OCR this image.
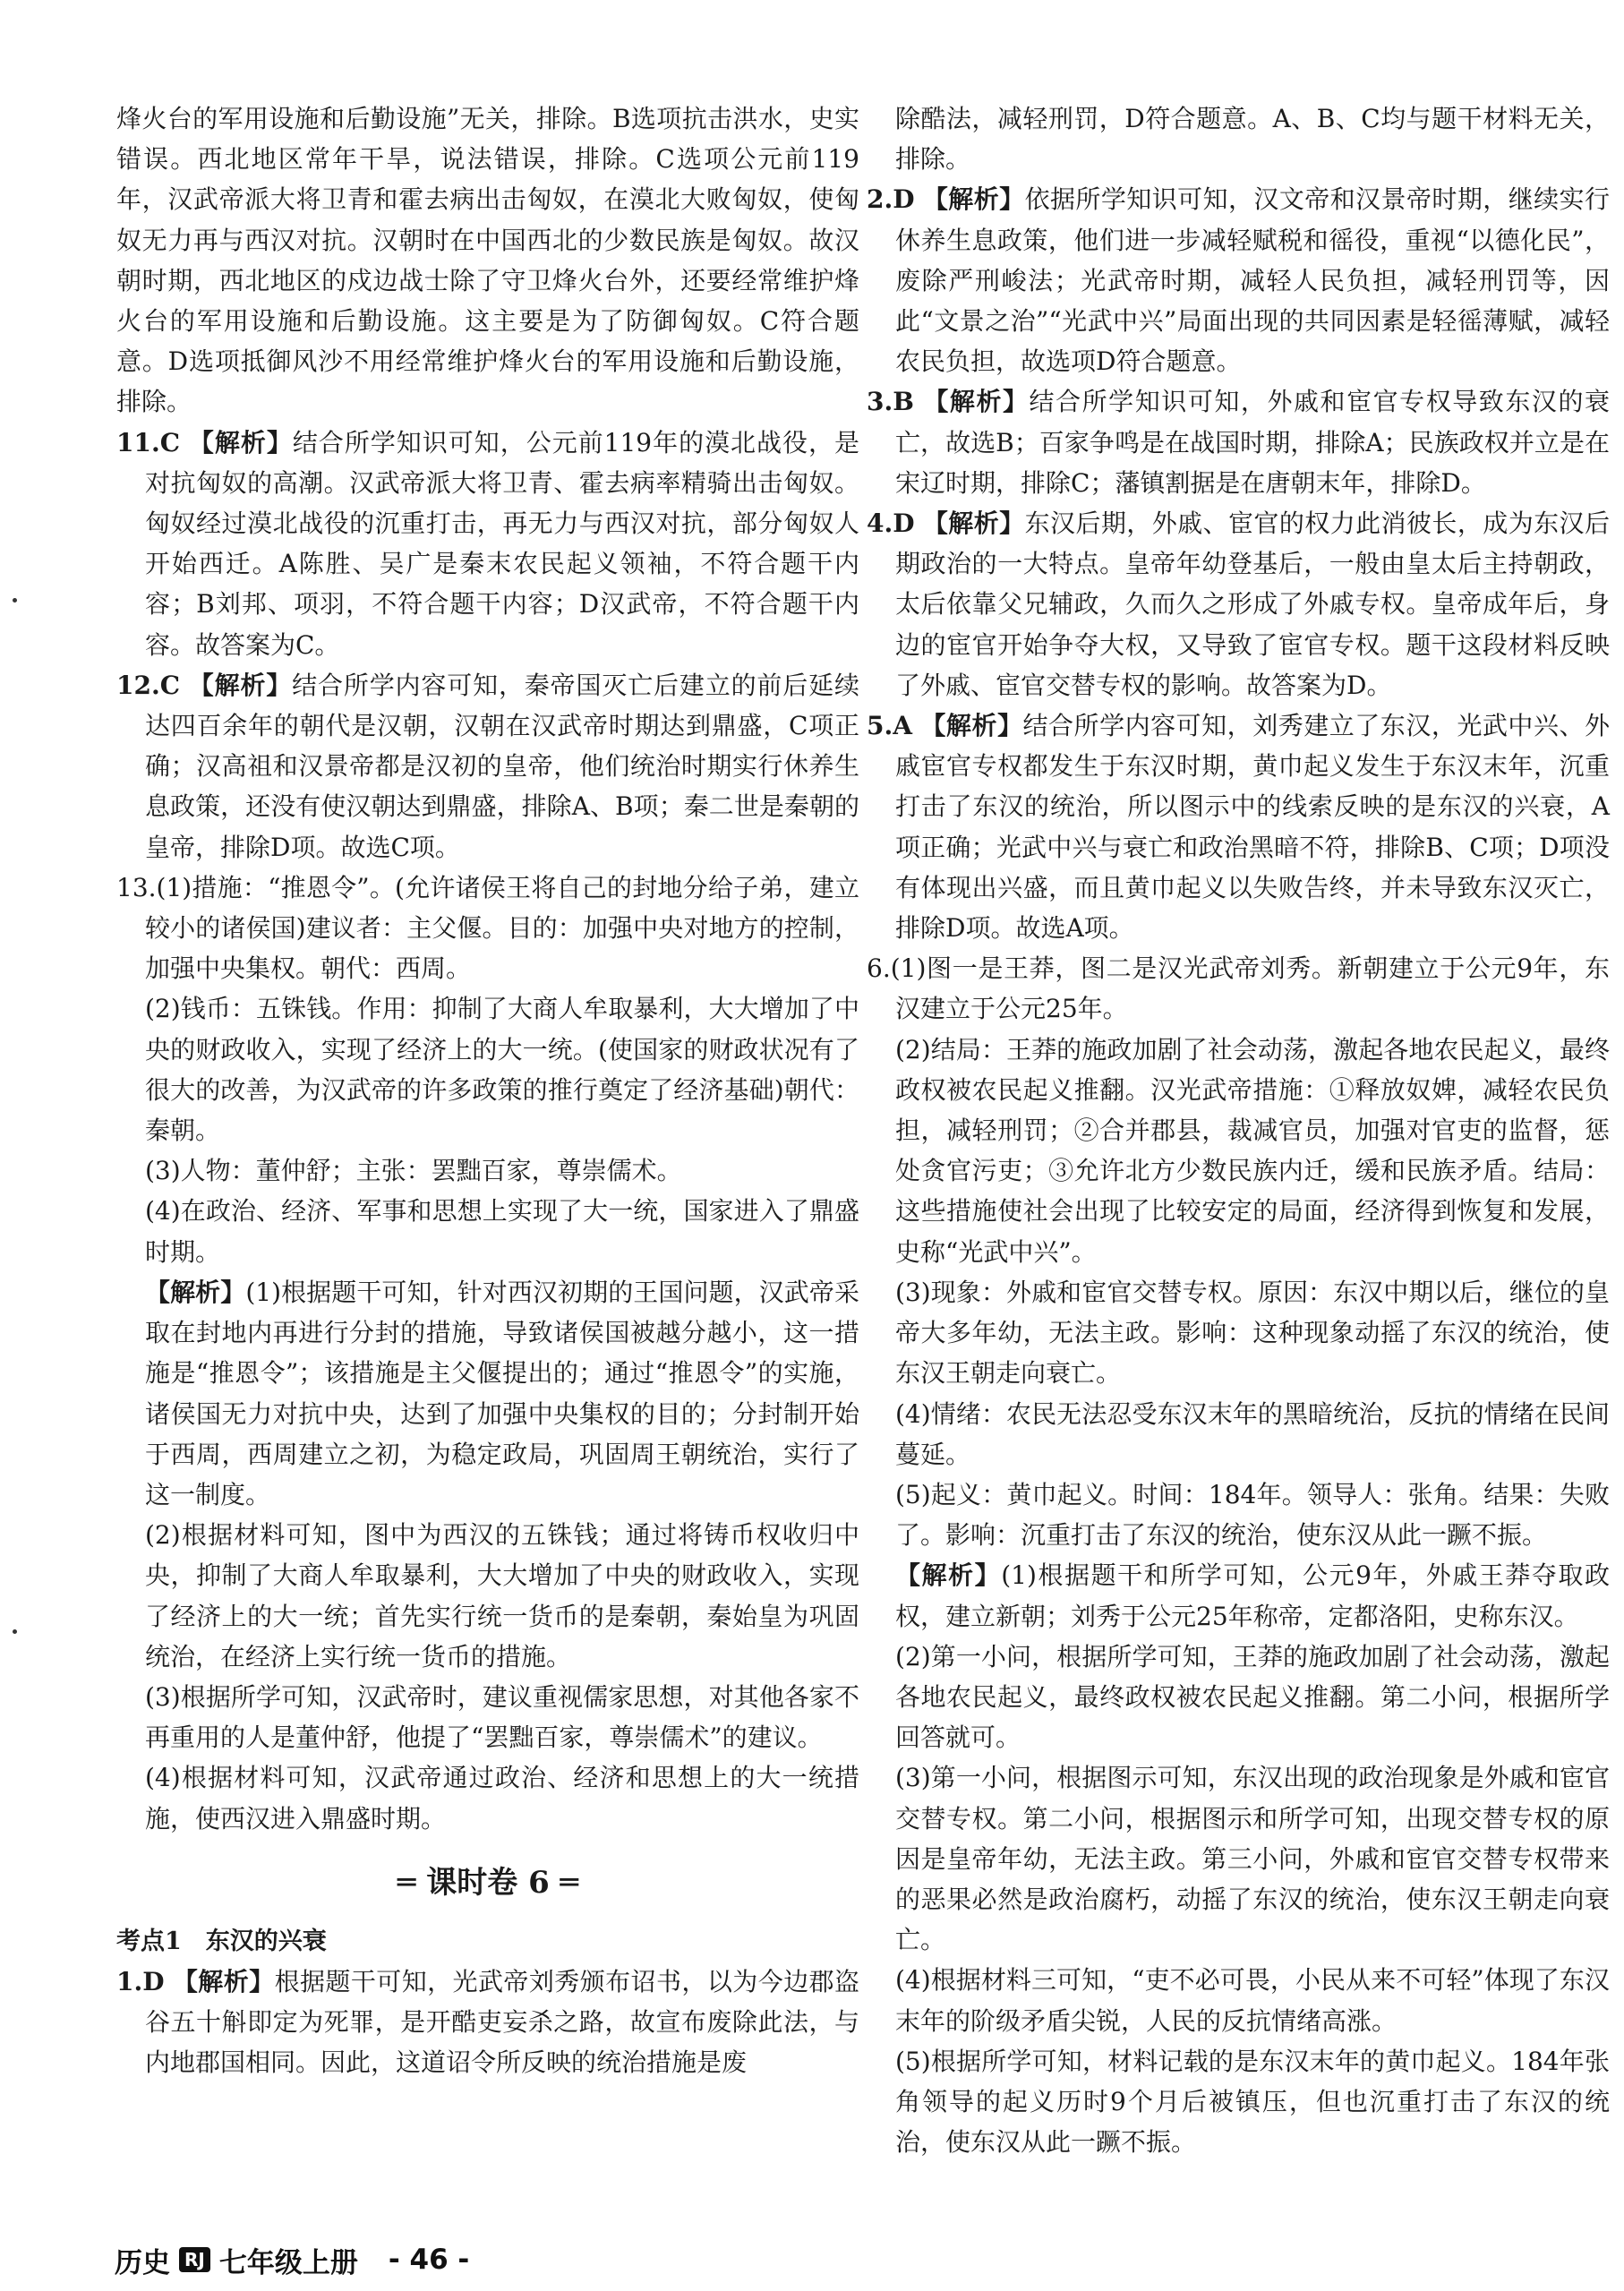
烽火台的军用设施和后勤设施”无关，排除。B选项抗击洪水，史实错误。西北地区常年干旱，说法错误，排除。C选项公元前119年，汉武帝派大将卫青和霍去病出击匈奴，在漠北大败匈奴，使匈奴无力再与西汉对抗。汉朝时在中国西北的少数民族是匈奴。故汉朝时期，西北地区的戍边战士除了守卫烽火台外，还要经常维护烽火台的军用设施和后勤设施。这主要是为了防御匈奴。C符合题意。D选项抵御风沙不用经常维护烽火台的军用设施和后勤设施，排除。

11.C 【解析】结合所学知识可知，公元前119年的漠北战役，是对抗匈奴的高潮。汉武帝派大将卫青、霍去病率精骑出击匈奴。匈奴经过漠北战役的沉重打击，再无力与西汉对抗，部分匈奴人开始西迁。A陈胜、吴广是秦末农民起义领袖，不符合题干内容；B刘邦、项羽，不符合题干内容；D汉武帝，不符合题干内容。故答案为C。

12.C 【解析】结合所学内容可知，秦帝国灭亡后建立的前后延续达四百余年的朝代是汉朝，汉朝在汉武帝时期达到鼎盛，C项正确；汉高祖和汉景帝都是汉初的皇帝，他们统治时期实行休养生息政策，还没有使汉朝达到鼎盛，排除A、B项；秦二世是秦朝的皇帝，排除D项。故选C项。

13.(1)措施：“推恩令”。(允许诸侯王将自己的封地分给子弟，建立较小的诸侯国)建议者：主父偃。目的：加强中央对地方的控制，加强中央集权。朝代：西周。

(2)钱币：五铢钱。作用：抑制了大商人牟取暴利，大大增加了中央的财政收入，实现了经济上的大一统。(使国家的财政状况有了很大的改善，为汉武帝的许多政策的推行奠定了经济基础)朝代：秦朝。

(3)人物：董仲舒；主张：罢黜百家，尊崇儒术。

(4)在政治、经济、军事和思想上实现了大一统，国家进入了鼎盛时期。

【解析】(1)根据题干可知，针对西汉初期的王国问题，汉武帝采取在封地内再进行分封的措施，导致诸侯国被越分越小，这一措施是“推恩令”；该措施是主父偃提出的；通过“推恩令”的实施，诸侯国无力对抗中央，达到了加强中央集权的目的；分封制开始于西周，西周建立之初，为稳定政局，巩固周王朝统治，实行了这一制度。

(2)根据材料可知，图中为西汉的五铢钱；通过将铸币权收归中央，抑制了大商人牟取暴利，大大增加了中央的财政收入，实现了经济上的大一统；首先实行统一货币的是秦朝，秦始皇为巩固统治，在经济上实行统一货币的措施。

(3)根据所学可知，汉武帝时，建议重视儒家思想，对其他各家不再重用的人是董仲舒，他提了“罢黜百家，尊崇儒术”的建议。

(4)根据材料可知，汉武帝通过政治、经济和思想上的大一统措施，使西汉进入鼎盛时期。

═ 课时卷 6 ═

考点1　东汉的兴衰

1.D 【解析】根据题干可知，光武帝刘秀颁布诏书，以为今边郡盗谷五十斛即定为死罪，是开酷吏妄杀之路，故宣布废除此法，与内地郡国相同。因此，这道诏令所反映的统治措施是废

除酷法，减轻刑罚，D符合题意。A、B、C均与题干材料无关，排除。

2.D 【解析】依据所学知识可知，汉文帝和汉景帝时期，继续实行休养生息政策，他们进一步减轻赋税和徭役，重视“以德化民”，废除严刑峻法；光武帝时期，减轻人民负担，减轻刑罚等，因此“文景之治”“光武中兴”局面出现的共同因素是轻徭薄赋，减轻农民负担，故选项D符合题意。

3.B 【解析】结合所学知识可知，外戚和宦官专权导致东汉的衰亡，故选B；百家争鸣是在战国时期，排除A；民族政权并立是在宋辽时期，排除C；藩镇割据是在唐朝末年，排除D。

4.D 【解析】东汉后期，外戚、宦官的权力此消彼长，成为东汉后期政治的一大特点。皇帝年幼登基后，一般由皇太后主持朝政，太后依靠父兄辅政，久而久之形成了外戚专权。皇帝成年后，身边的宦官开始争夺大权，又导致了宦官专权。题干这段材料反映了外戚、宦官交替专权的影响。故答案为D。

5.A 【解析】结合所学内容可知，刘秀建立了东汉，光武中兴、外戚宦官专权都发生于东汉时期，黄巾起义发生于东汉末年，沉重打击了东汉的统治，所以图示中的线索反映的是东汉的兴衰，A项正确；光武中兴与衰亡和政治黑暗不符，排除B、C项；D项没有体现出兴盛，而且黄巾起义以失败告终，并未导致东汉灭亡，排除D项。故选A项。

6.(1)图一是王莽，图二是汉光武帝刘秀。新朝建立于公元9年，东汉建立于公元25年。

(2)结局：王莽的施政加剧了社会动荡，激起各地农民起义，最终政权被农民起义推翻。汉光武帝措施：①释放奴婢，减轻农民负担，减轻刑罚；②合并郡县，裁减官员，加强对官吏的监督，惩处贪官污吏；③允许北方少数民族内迁，缓和民族矛盾。结局：这些措施使社会出现了比较安定的局面，经济得到恢复和发展，史称“光武中兴”。

(3)现象：外戚和宦官交替专权。原因：东汉中期以后，继位的皇帝大多年幼，无法主政。影响：这种现象动摇了东汉的统治，使东汉王朝走向衰亡。

(4)情绪：农民无法忍受东汉末年的黑暗统治，反抗的情绪在民间蔓延。

(5)起义：黄巾起义。时间：184年。领导人：张角。结果：失败了。影响：沉重打击了东汉的统治，使东汉从此一蹶不振。

【解析】(1)根据题干和所学可知，公元9年，外戚王莽夺取政权，建立新朝；刘秀于公元25年称帝，定都洛阳，史称东汉。

(2)第一小问，根据所学可知，王莽的施政加剧了社会动荡，激起各地农民起义，最终政权被农民起义推翻。第二小问，根据所学回答就可。

(3)第一小问，根据图示可知，东汉出现的政治现象是外戚和宦官交替专权。第二小问，根据图示和所学可知，出现交替专权的原因是皇帝年幼，无法主政。第三小问，外戚和宦官交替专权带来的恶果必然是政治腐朽，动摇了东汉的统治，使东汉王朝走向衰亡。

(4)根据材料三可知，“吏不必可畏，小民从来不可轻”体现了东汉末年的阶级矛盾尖锐，人民的反抗情绪高涨。

(5)根据所学可知，材料记载的是东汉末年的黄巾起义。184年张角领导的起义历时9个月后被镇压，但也沉重打击了东汉的统治，使东汉从此一蹶不振。

历史 RJ 七年级上册 - 46 -
